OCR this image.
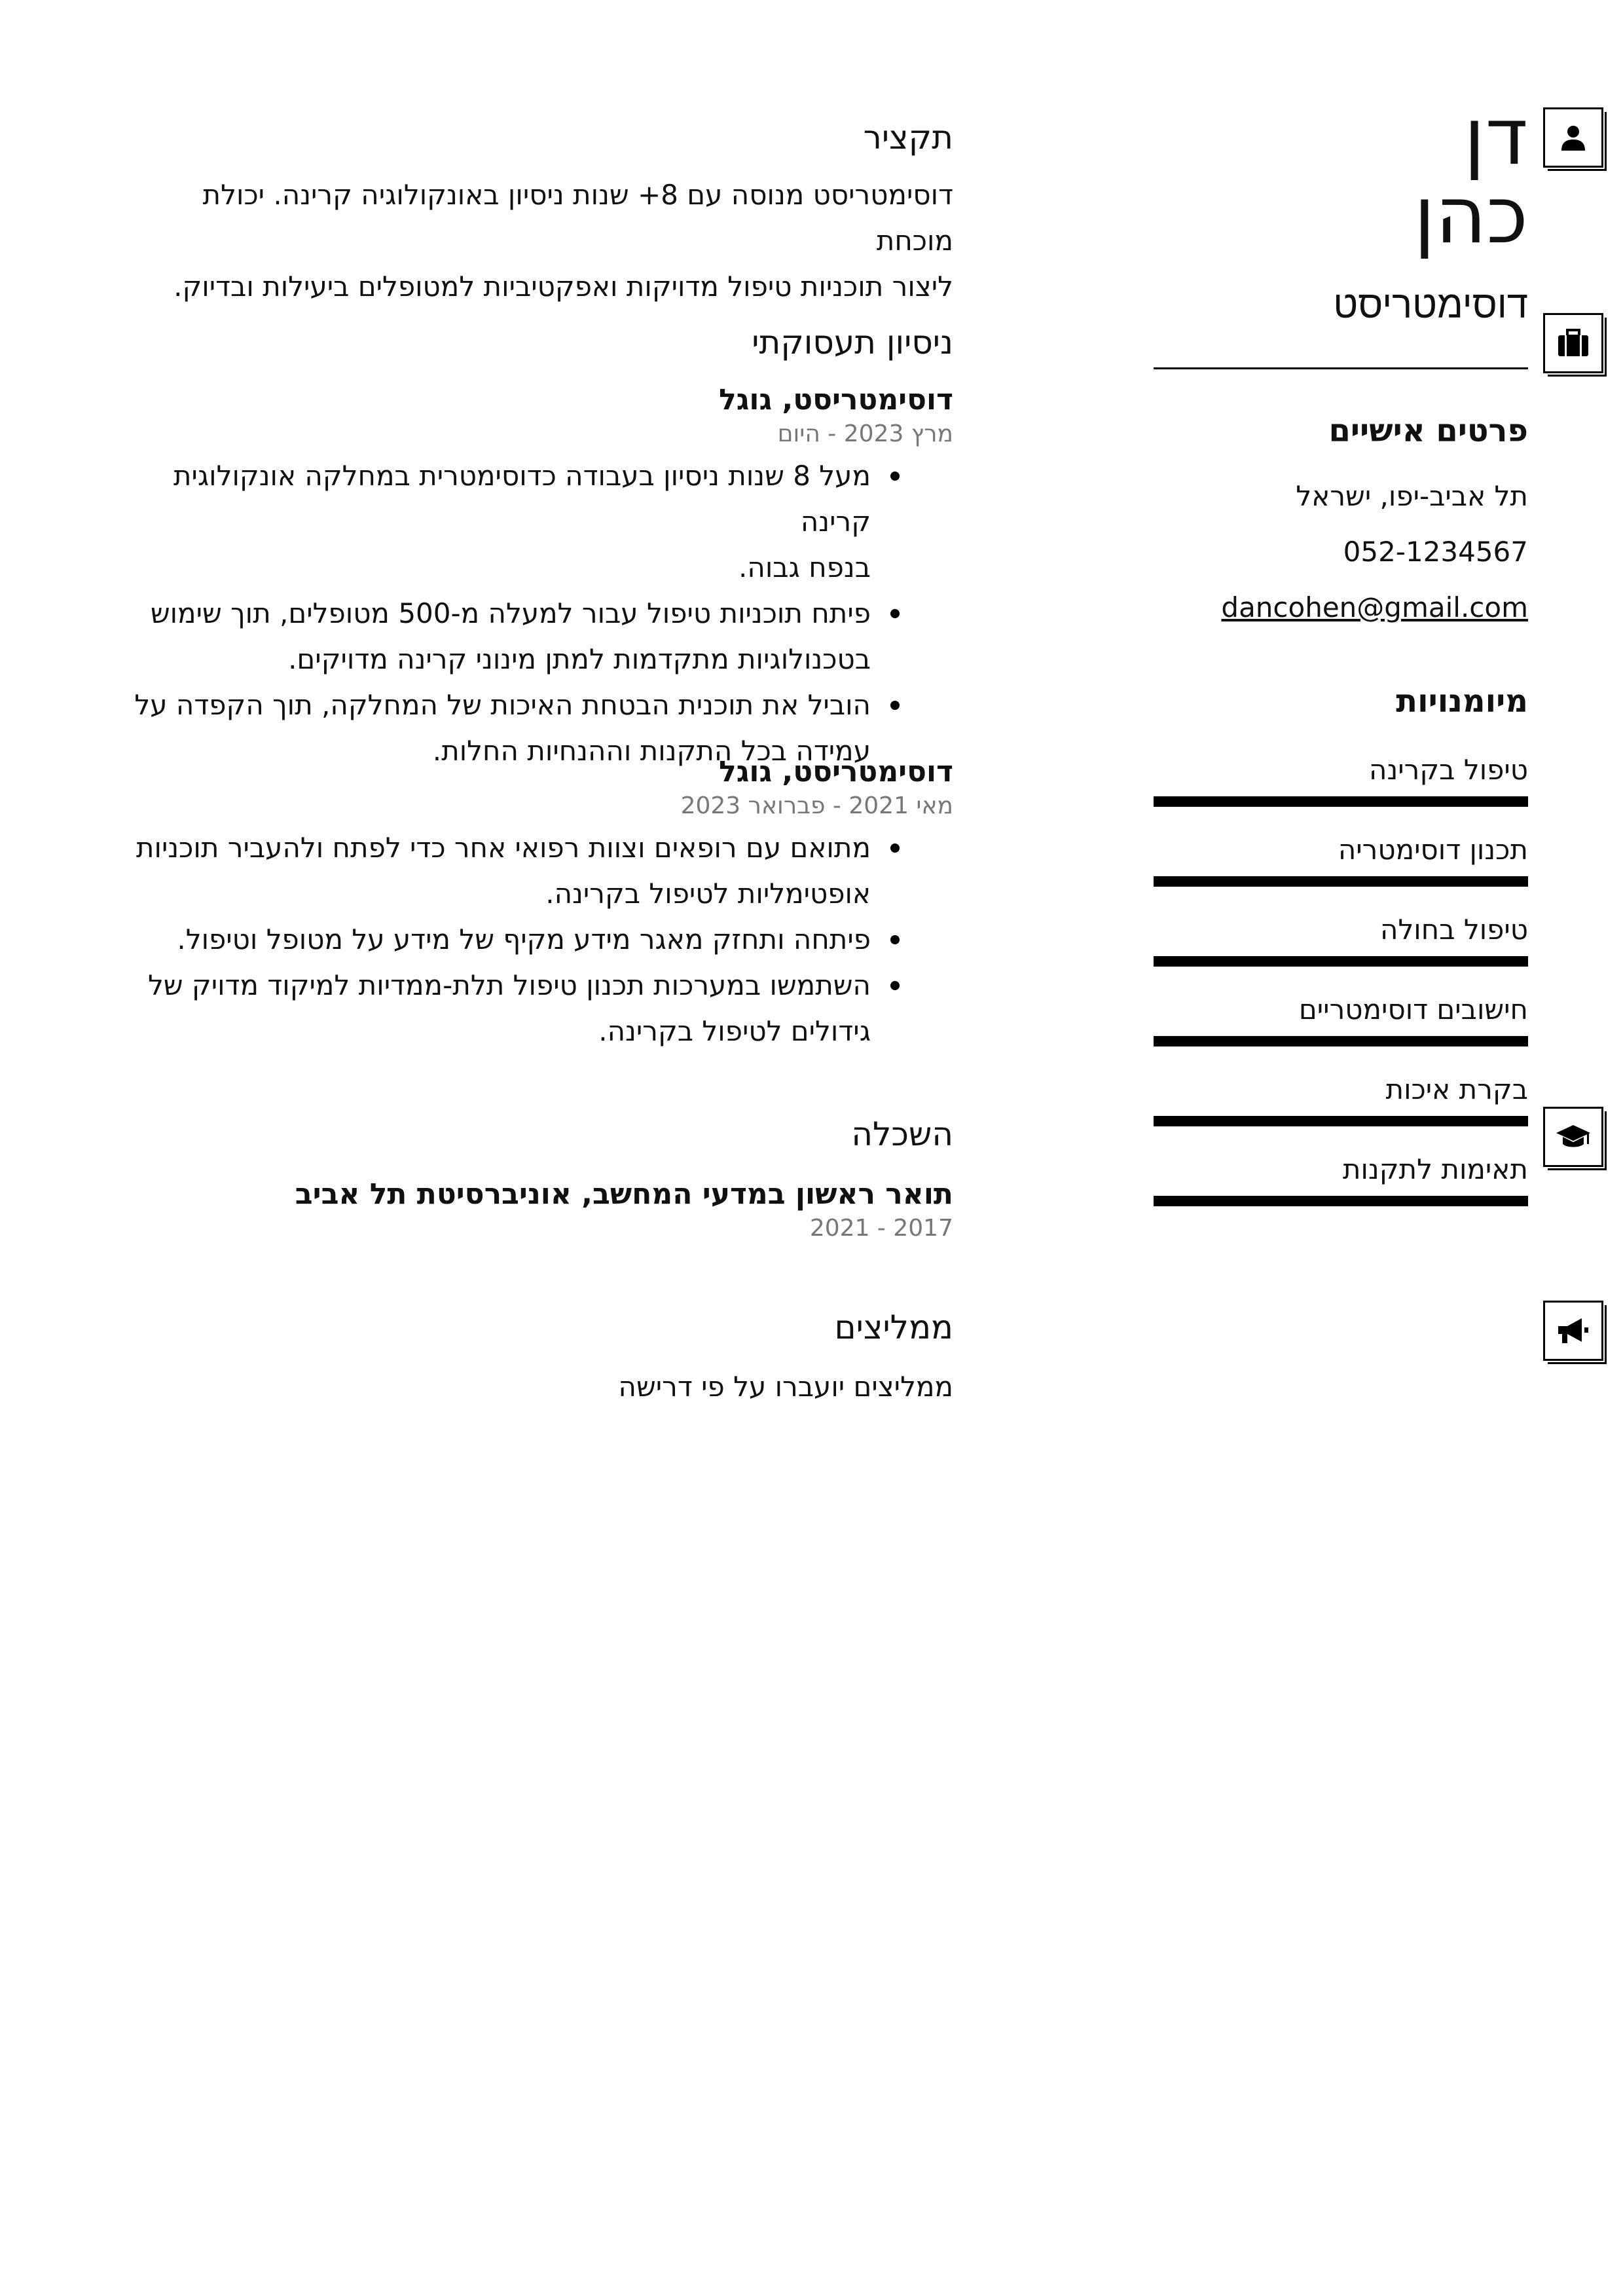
דן
כהן
דוסימטריסט
פרטים אישיים
תל אביב-יפו, ישראל
052-1234567
dancohen@gmail.com
מיומנויות
טיפול בקרינה
תכנון דוסימטריה
טיפול בחולה
חישובים דוסימטריים
בקרת איכות
תאימות לתקנות
תקציר
דוסימטריסט מנוסה עם 8+ שנות ניסיון באונקולוגיה קרינה. יכולת מוכחת
ליצור תוכניות טיפול מדויקות ואפקטיביות למטופלים ביעילות ובדיוק.
ניסיון תעסוקתי
דוסימטריסט, גוגל
מרץ 2023 - היום
מעל 8 שנות ניסיון בעבודה כדוסימטרית במחלקה אונקולוגית קרינה
בנפח גבוה.
פיתח תוכניות טיפול עבור למעלה מ-500 מטופלים, תוך שימוש
בטכנולוגיות מתקדמות למתן מינוני קרינה מדויקים.
הוביל את תוכנית הבטחת האיכות של המחלקה, תוך הקפדה על
עמידה בכל התקנות וההנחיות החלות.
דוסימטריסט, גוגל
מאי 2021 - פברואר 2023
מתואם עם רופאים וצוות רפואי אחר כדי לפתח ולהעביר תוכניות
אופטימליות לטיפול בקרינה.
פיתחה ותחזק מאגר מידע מקיף של מידע על מטופל וטיפול.
השתמשו במערכות תכנון טיפול תלת-ממדיות למיקוד מדויק של
גידולים לטיפול בקרינה.
השכלה
תואר ראשון במדעי המחשב, אוניברסיטת תל אביב
2017 - 2021
ממליצים
ממליצים יועברו על פי דרישה
